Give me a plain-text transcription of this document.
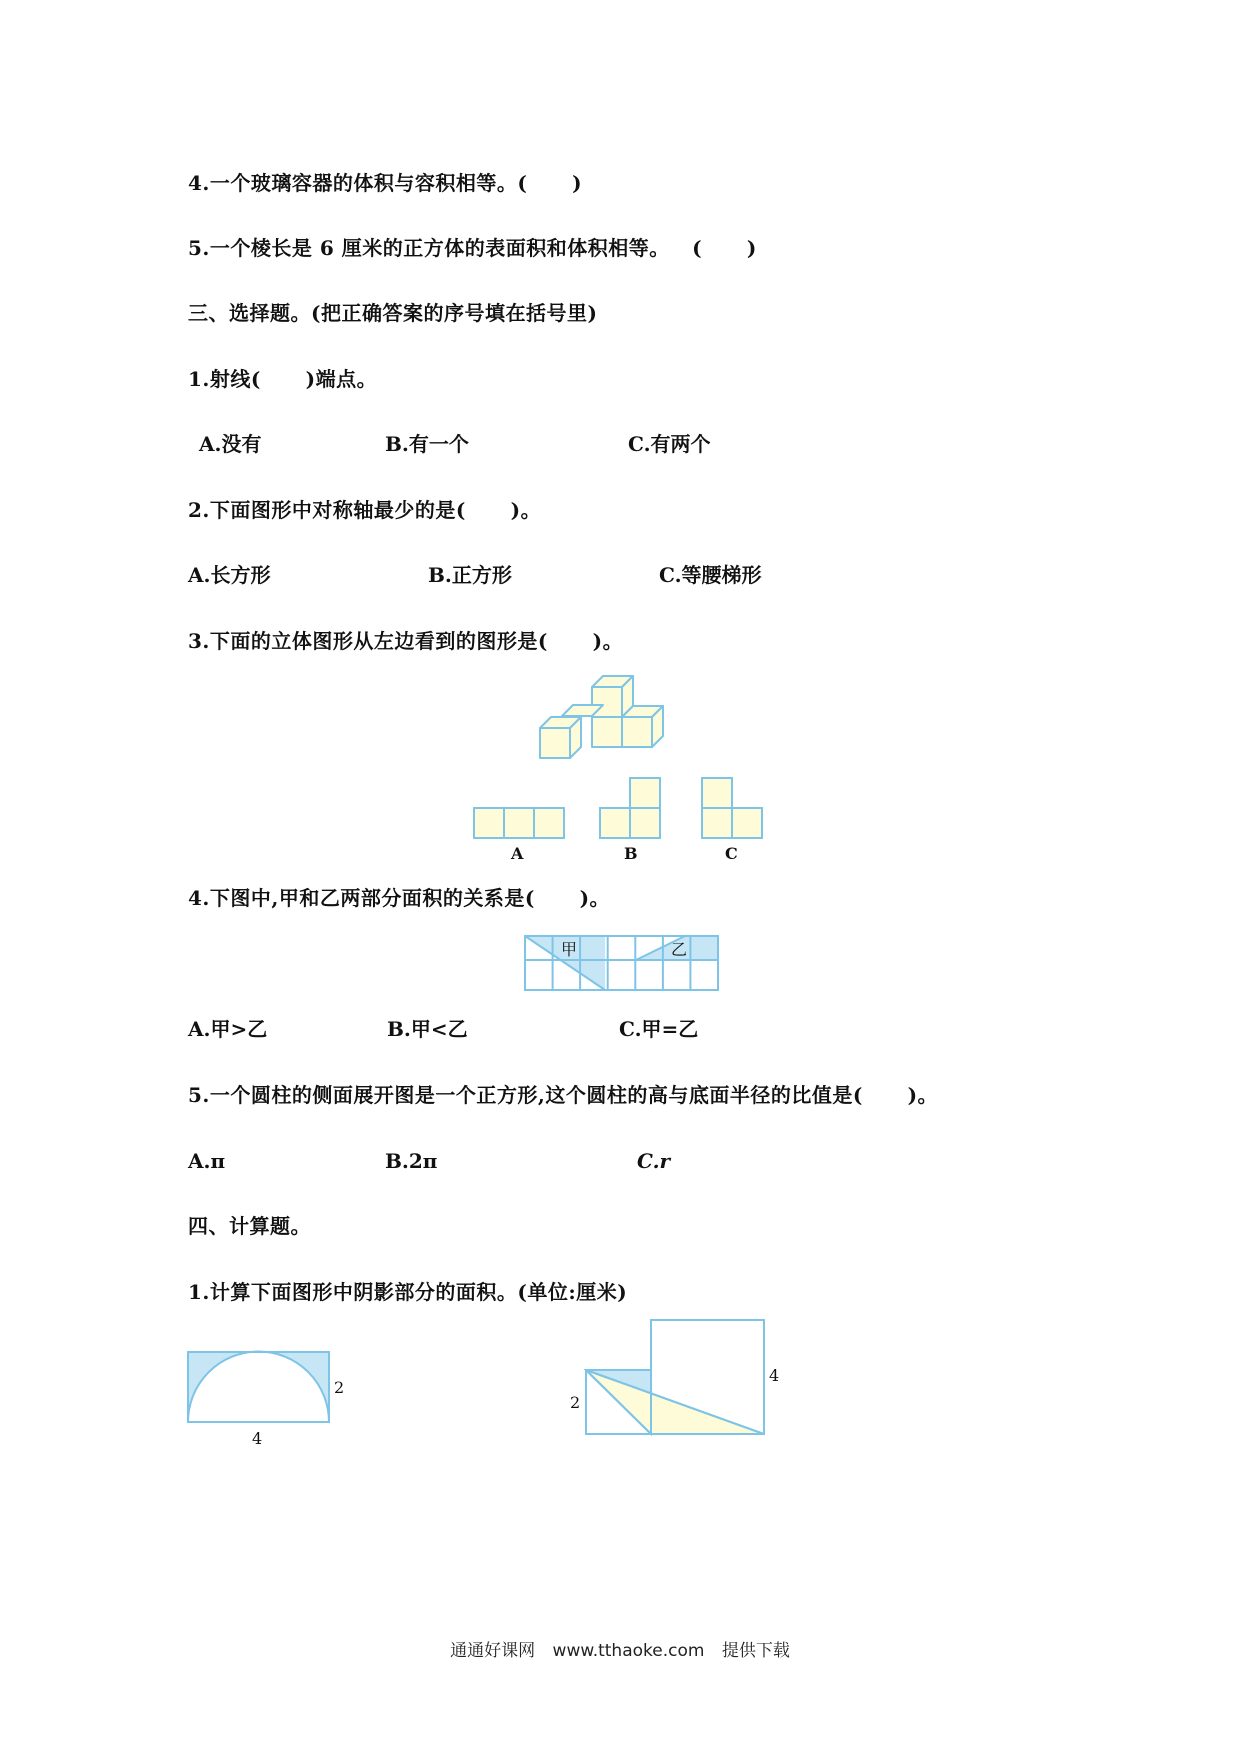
4.一个玻璃容器的体积与容积相等。(      )
5.一个棱长是 6 厘米的正方体的表面积和体积相等。   (      )
三、选择题。(把正确答案的序号填在括号里)
1.射线(      )端点。
A.没有	B.有一个	C.有两个
2.下面图形中对称轴最少的是(      )。
A.长方形	B.正方形	C.等腰梯形
3.下面的立体图形从左边看到的图形是(      )。
A	B	C
4.下图中,甲和乙两部分面积的关系是(      )。
甲	乙
A.甲>乙	B.甲<乙	C.甲=乙
5.一个圆柱的侧面展开图是一个正方形,这个圆柱的高与底面半径的比值是(      )。
A.π	B.2π	C.r
四、计算题。
1.计算下面图形中阴影部分的面积。(单位:厘米)
2
4
2
4
通通好课网 www.tthaoke.com 提供下载
